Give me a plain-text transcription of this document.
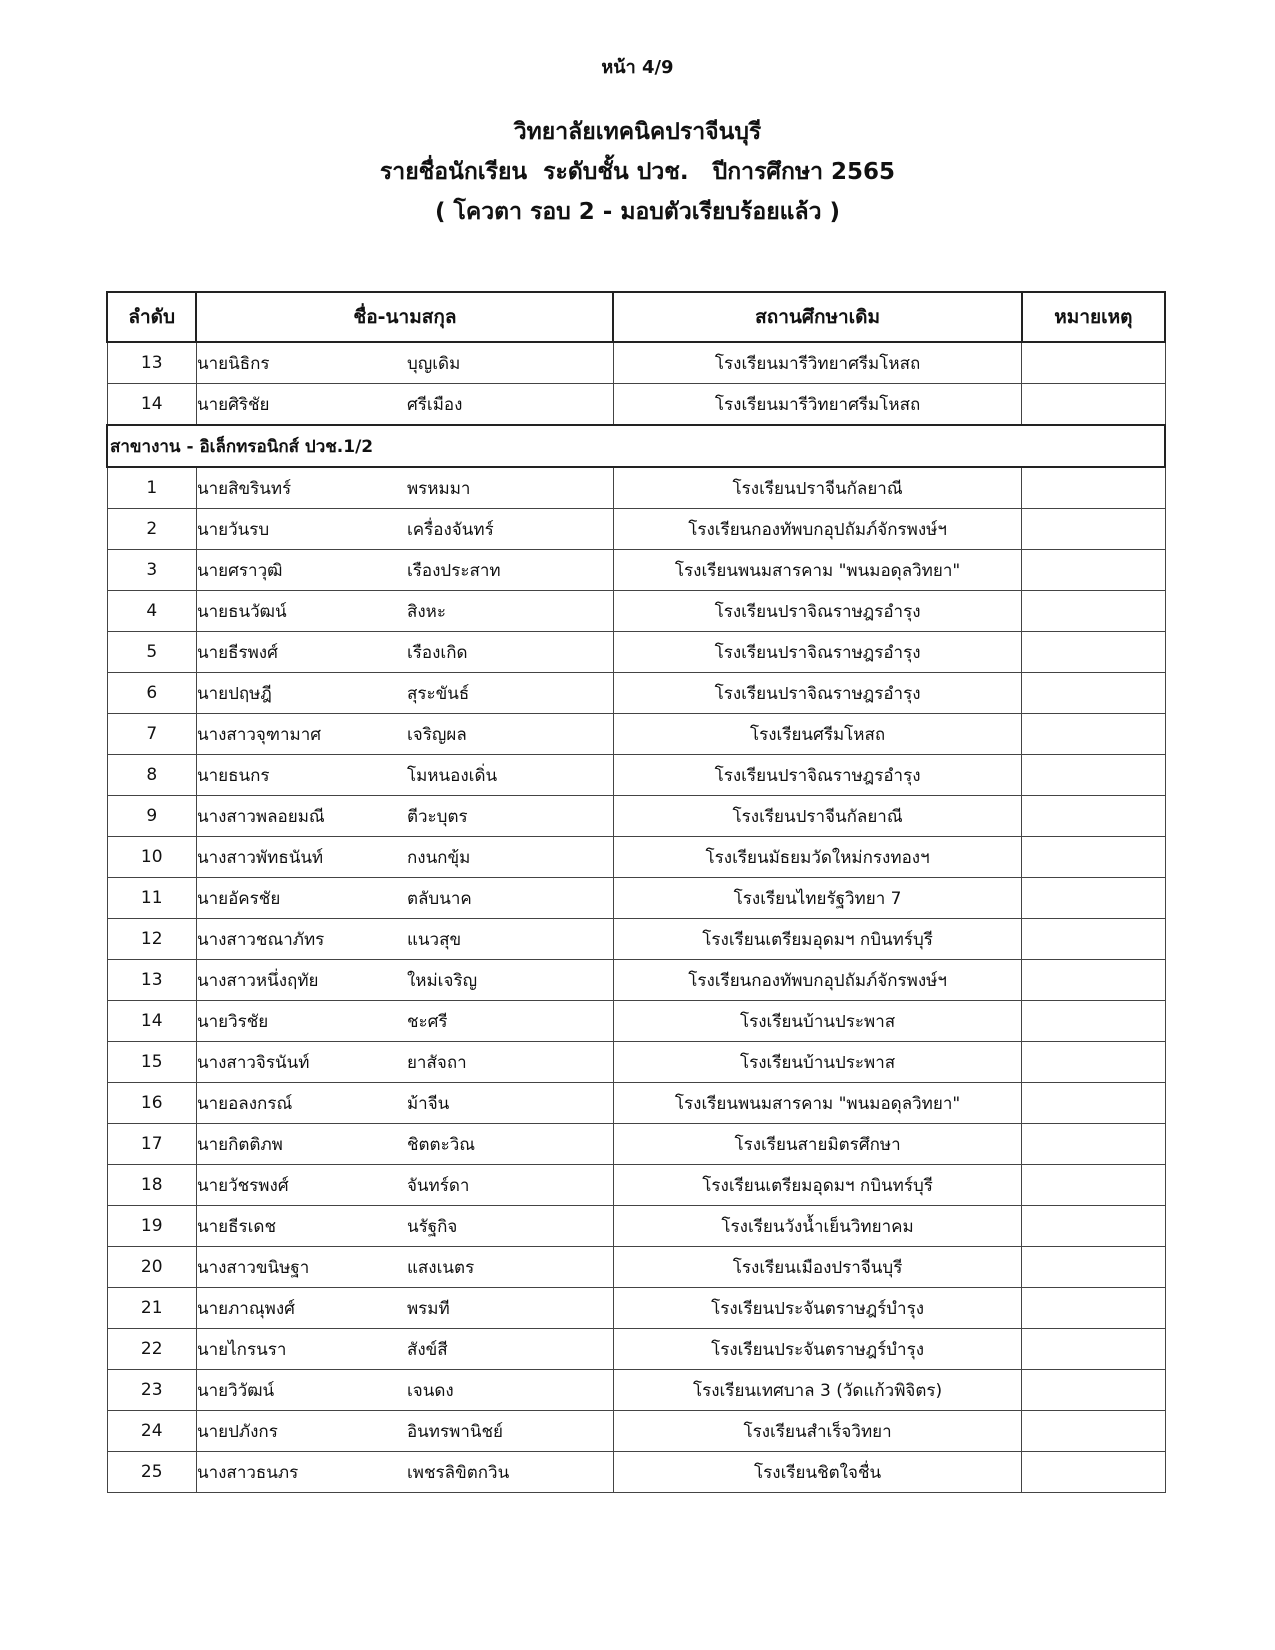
หน้า 4/9
วิทยาลัยเทคนิคปราจีนบุรี
รายชื่อนักเรียน  ระดับชั้น ปวช.   ปีการศึกษา 2565
( โควตา รอบ 2 - มอบตัวเรียบร้อยแล้ว )
ลำดับ	ชื่อ-นามสกุล	สถานศึกษาเดิม	หมายเหตุ
13	นายนิธิกร บุญเดิม	โรงเรียนมารีวิทยาศรีมโหสถ	
14	นายศิริชัย ศรีเมือง	โรงเรียนมารีวิทยาศรีมโหสถ	
สาขางาน - อิเล็กทรอนิกส์ ปวช.1/2			
1	นายสิขรินทร์ พรหมมา	โรงเรียนปราจีนกัลยาณี	
2	นายวันรบ เครื่องจันทร์	โรงเรียนกองทัพบกอุปถัมภ์จักรพงษ์ฯ	
3	นายศราวุฒิ เรืองประสาท	โรงเรียนพนมสารคาม "พนมอดุลวิทยา"	
4	นายธนวัฒน์ สิงหะ	โรงเรียนปราจิณราษฎรอำรุง	
5	นายธีรพงศ์ เรืองเกิด	โรงเรียนปราจิณราษฎรอำรุง	
6	นายปฤษฎี สุระขันธ์	โรงเรียนปราจิณราษฎรอำรุง	
7	นางสาวจุฑามาศ เจริญผล	โรงเรียนศรีมโหสถ	
8	นายธนกร โมหนองเดิ่น	โรงเรียนปราจิณราษฎรอำรุง	
9	นางสาวพลอยมณี ตีวะบุตร	โรงเรียนปราจีนกัลยาณี	
10	นางสาวพัทธนันท์ กงนกขุ้ม	โรงเรียนมัธยมวัดใหม่กรงทองฯ	
11	นายอัครชัย ตลับนาค	โรงเรียนไทยรัฐวิทยา 7	
12	นางสาวชณาภัทร แนวสุข	โรงเรียนเตรียมอุดมฯ กบินทร์บุรี	
13	นางสาวหนึ่งฤทัย ใหม่เจริญ	โรงเรียนกองทัพบกอุปถัมภ์จักรพงษ์ฯ	
14	นายวิรชัย ชะศรี	โรงเรียนบ้านประพาส	
15	นางสาวจิรนันท์ ยาสัจถา	โรงเรียนบ้านประพาส	
16	นายอลงกรณ์ ม้าจีน	โรงเรียนพนมสารคาม "พนมอดุลวิทยา"	
17	นายกิตติภพ ชิตตะวิณ	โรงเรียนสายมิตรศึกษา	
18	นายวัชรพงศ์ จันทร์ดา	โรงเรียนเตรียมอุดมฯ กบินทร์บุรี	
19	นายธีรเดช นรัฐกิจ	โรงเรียนวังน้ำเย็นวิทยาคม	
20	นางสาวขนิษฐา แสงเนตร	โรงเรียนเมืองปราจีนบุรี	
21	นายภาณุพงศ์ พรมที	โรงเรียนประจันตราษฎร์บำรุง	
22	นายไกรนรา สังข์สี	โรงเรียนประจันตราษฎร์บำรุง	
23	นายวิวัฒน์ เจนดง	โรงเรียนเทศบาล 3 (วัดแก้วพิจิตร)	
24	นายปภังกร อินทรพานิชย์	โรงเรียนสำเร็จวิทยา	
25	นางสาวธนภร เพชรลิขิตกวิน	โรงเรียนชิตใจชื่น	
